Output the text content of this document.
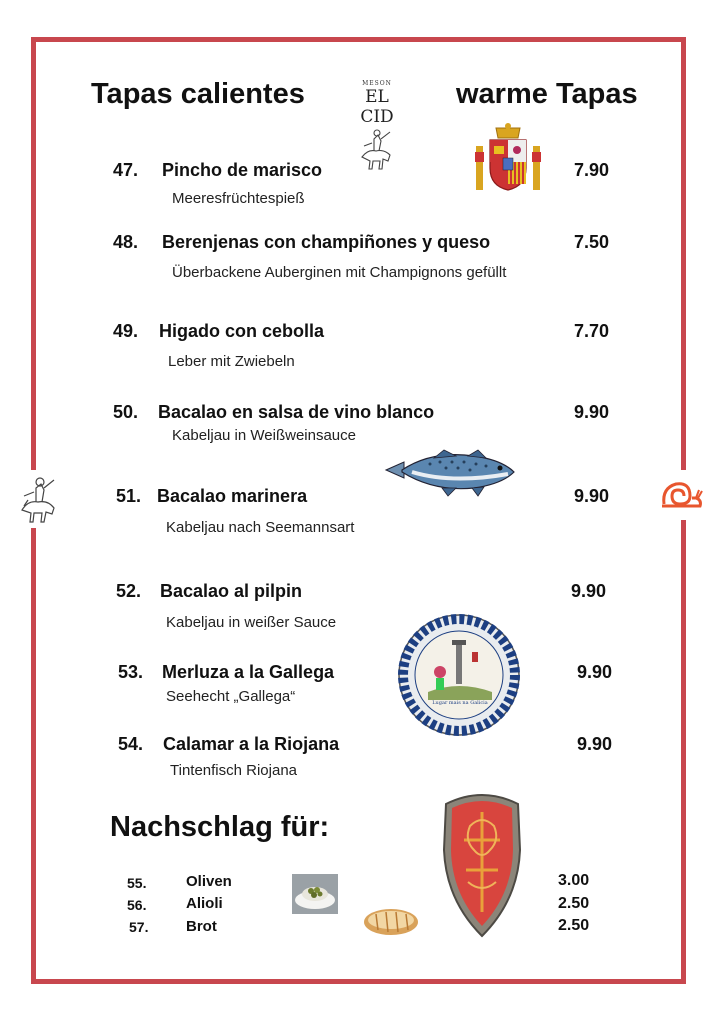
Tapas calientes	warme Tapas
MESON
EL CID
47. Pincho de marisco
Meeresfrüchtespieß
7.90
48. Berenjenas con champiñones y queso
Überbackene Auberginen mit Champignons gefüllt
7.50
49. Higado con cebolla
Leber mit Zwiebeln
7.70
50. Bacalao en salsa de vino blanco
Kabeljau in Weißweinsauce
9.90
51. Bacalao marinera
Kabeljau nach Seemannsart
9.90
52. Bacalao al pilpin
Kabeljau in weißer Sauce
9.90
53. Merluza a la Gallega
Seehecht „Gallega“
9.90
54. Calamar a la Riojana
Tintenfisch Riojana
9.90
Lugar mais na Galicia
Nachschlag für:
55.	Oliven	3.00
56.	Alioli	2.50
57.	Brot	2.50
